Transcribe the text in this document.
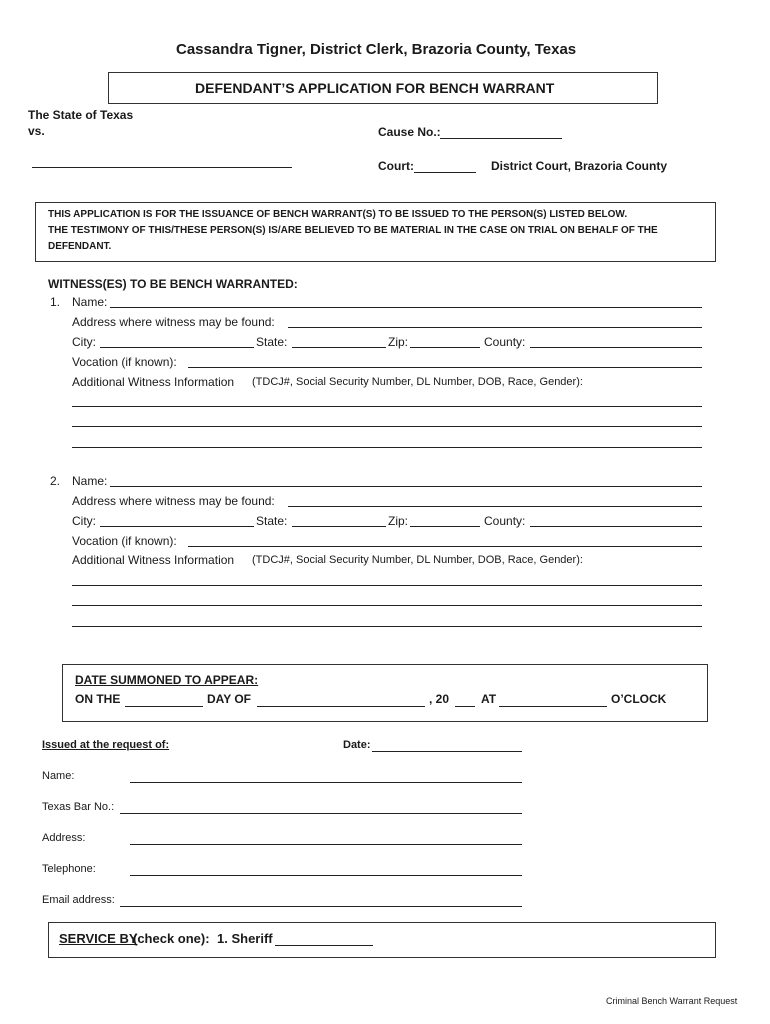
Cassandra Tigner, District Clerk, Brazoria County, Texas
DEFENDANT’S APPLICATION FOR BENCH WARRANT
The State of Texas
vs.	Cause No.:
Court:	District Court, Brazoria County
THIS APPLICATION IS FOR THE ISSUANCE OF BENCH WARRANT(S) TO BE ISSUED TO THE PERSON(S) LISTED BELOW.
THE TESTIMONY OF THIS/THESE PERSON(S) IS/ARE BELIEVED TO BE MATERIAL IN THE CASE ON TRIAL ON BEHALF OF THE
DEFENDANT.
WITNESS(ES) TO BE BENCH WARRANTED:
1. Name:
Address where witness may be found:
City:	State:	Zip:	County:
Vocation (if known):
Additional Witness Information (TDCJ#, Social Security Number, DL Number, DOB, Race, Gender):
2. Name:
Address where witness may be found:
City:	State:	Zip:	County:
Vocation (if known):
Additional Witness Information (TDCJ#, Social Security Number, DL Number, DOB, Race, Gender):
DATE SUMMONED TO APPEAR:
ON THE	DAY OF	, 20	AT	O’CLOCK
Issued at the request of:	Date:
Name:
Texas Bar No.:
Address:
Telephone:
Email address:
SERVICE BY
(check one): 1. Sheriff
Criminal Bench Warrant Request
